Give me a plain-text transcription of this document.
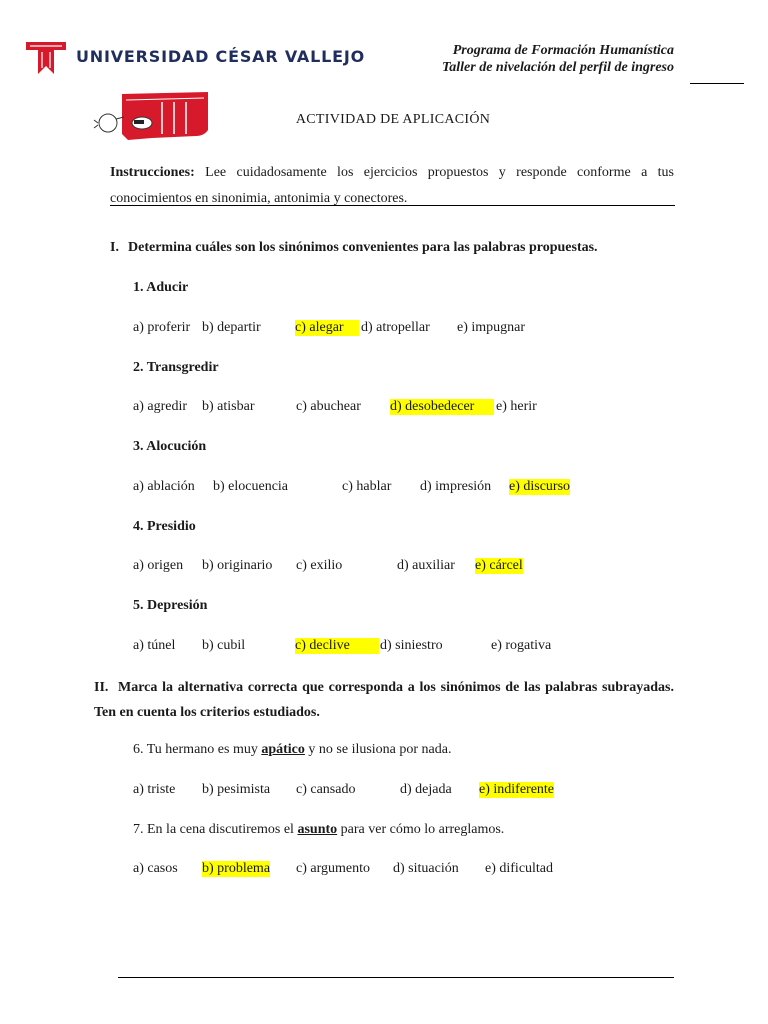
UNIVERSIDAD CÉSAR VALLEJO	Programa de Formación Humanística
Taller de nivelación del perfil de ingreso
ACTIVIDAD DE APLICACIÓN
Instrucciones: Lee cuidadosamente los ejercicios propuestos y responde conforme a tus conocimientos en sinonimia, antonimia y conectores.
I. Determina cuáles son los sinónimos convenientes para las palabras propuestas.
1. Aducir
a) proferir b) departir c) alegar	d) atropellar e) impugnar
2. Transgredir
a) agredir b) atisbar	c) abuchear d) desobedecer	e) herir
3. Alocución
a) ablación b) elocuencia	c) hablar d) impresión e) discurso
4. Presidio
a) origen b) originario c) exilio	d) auxiliar e) cárcel
5. Depresión
a) túnel b) cubil	c) declive	d) siniestro	e) rogativa
II. Marca la alternativa correcta que corresponda a los sinónimos de las palabras subrayadas. Ten en cuenta los criterios estudiados.
6. Tu hermano es muy apático y no se ilusiona por nada.
a) triste b) pesimista c) cansado	d) dejada e) indiferente
7. En la cena discutiremos el asunto para ver cómo lo arreglamos.
a) casos b) problema c) argumento d) situación e) dificultad
